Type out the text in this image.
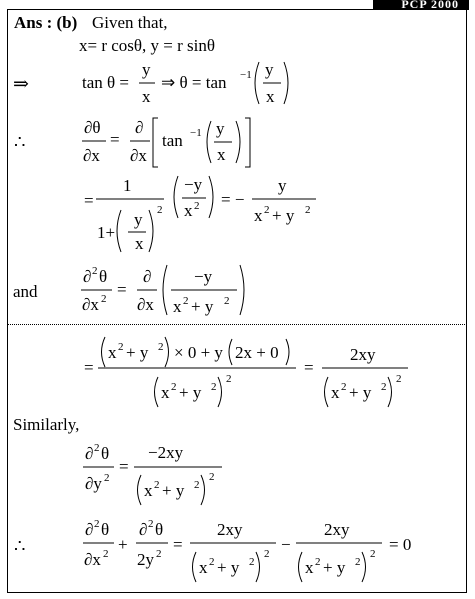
PCP 2000
Ans : (b) Given that,
x= r cosθ, y = r sinθ
⇒
∴
and
Similarly,
∴
tan θ =
y
x
⇒ θ = tan −1 y
x
∂θ
∂x
=
∂
∂x
tan −1 y
x
=
1
1+
y
x
2
−y
x 2 = −
y
x 2 + y 2
∂ 2 θ
∂x 2 =
∂
∂x
−y
x 2 + y 2
=
x 2 + y 2 × 0 + y 2x + 0
x 2 + y 2
2
=
2xy
x 2 + y 2
2
∂ 2 θ
∂y 2
=
−2xy
x 2 + y 2
2
∂ 2 θ
∂x 2 +
∂ 2 θ
2y 2 =
2xy
x 2 + y 2
2 −
2xy
x 2 + y 2
2 = 0
